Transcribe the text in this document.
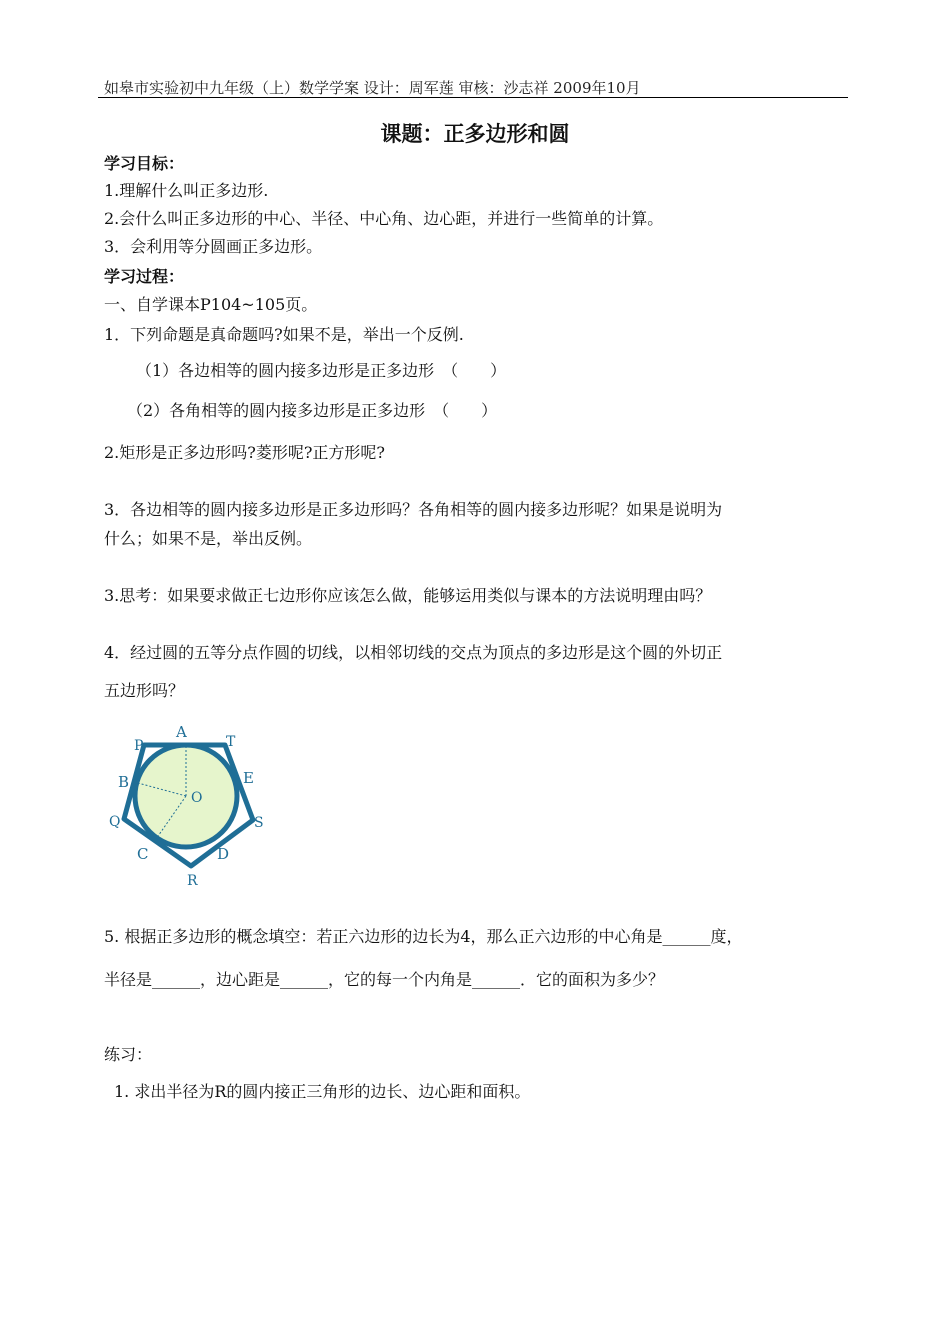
如皋市实验初中九年级（上）数学学案 设计：周军莲 审核：沙志祥 2009年10月
课题：正多边形和圆
学习目标：
1.理解什么叫正多边形.
2.会什么叫正多边形的中心、半径、中心角、边心距，并进行一些简单的计算。
3．会利用等分圆画正多边形。
学习过程：
一、自学课本P104~105页。
1．下列命题是真命题吗?如果不是，举出一个反例.
（1）各边相等的圆内接多边形是正多边形　（　　）
（2）各角相等的圆内接多边形是正多边形　（　　）
2.矩形是正多边形吗?菱形呢?正方形呢?
3．各边相等的圆内接多边形是正多边形吗？各角相等的圆内接多边形呢？如果是说明为
什么；如果不是，举出反例。
3.思考：如果要求做正七边形你应该怎么做，能够运用类似与课本的方法说明理由吗？
4．经过圆的五等分点作圆的切线，以相邻切线的交点为顶点的多边形是这个圆的外切正
五边形吗？
A
T
P
B	E
O
Q	S
C	D
R
5. 根据正多边形的概念填空：若正六边形的边长为4，那么正六边形的中心角是______度，
半径是______，边心距是______，它的每一个内角是______．它的面积为多少？
练习：
1. 求出半径为R的圆内接正三角形的边长、边心距和面积。
